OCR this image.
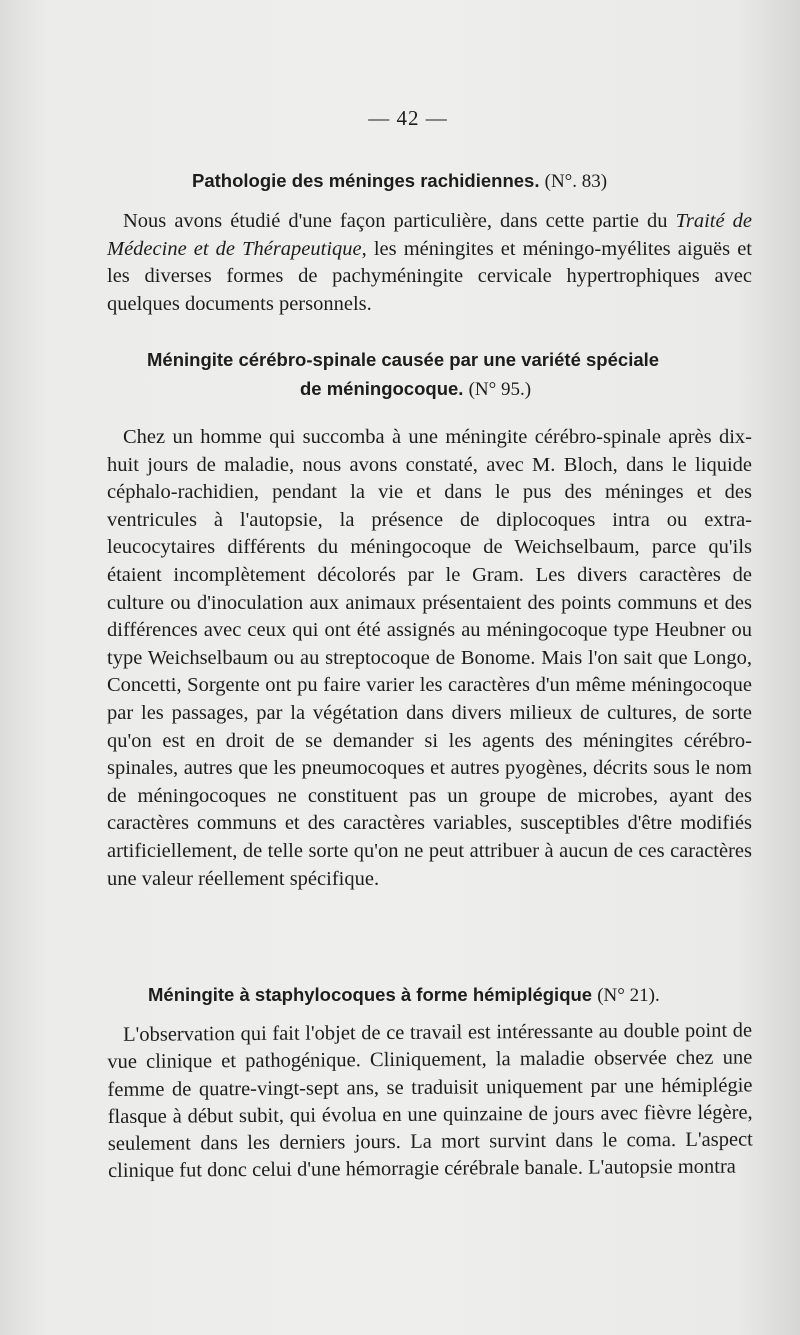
— 42 —
Pathologie des méninges rachidiennes. (N°. 83)

Nous avons étudié d'une façon particulière, dans cette partie du Traité de Médecine et de Thérapeutique, les méningites et méningo-myélites aiguës et les diverses formes de pachyméningite cervicale hypertrophiques avec quelques documents personnels.

Méningite cérébro-spinale causée par une variété spéciale
de méningocoque. (N° 95.)

Chez un homme qui succomba à une méningite cérébro-spinale après dix-huit jours de maladie, nous avons constaté, avec M. Bloch, dans le liquide céphalo-rachidien, pendant la vie et dans le pus des méninges et des ventricules à l'autopsie, la présence de diplocoques intra ou extra-leucocytaires différents du méningocoque de Weichselbaum, parce qu'ils étaient incomplètement décolorés par le Gram. Les divers caractères de culture ou d'inoculation aux animaux présentaient des points communs et des différences avec ceux qui ont été assignés au méningocoque type Heubner ou type Weichselbaum ou au streptocoque de Bonome. Mais l'on sait que Longo, Concetti, Sorgente ont pu faire varier les caractères d'un même méningocoque par les passages, par la végétation dans divers milieux de cultures, de sorte qu'on est en droit de se demander si les agents des méningites cérébro-spinales, autres que les pneumocoques et autres pyogènes, décrits sous le nom de méningocoques ne constituent pas un groupe de microbes, ayant des caractères communs et des caractères variables, susceptibles d'être modifiés artificiellement, de telle sorte qu'on ne peut attribuer à aucun de ces caractères une valeur réellement spécifique.

Méningite à staphylocoques à forme hémiplégique (N° 21).

L'observation qui fait l'objet de ce travail est intéressante au double point de vue clinique et pathogénique. Cliniquement, la maladie observée chez une femme de quatre-vingt-sept ans, se traduisit uniquement par une hémiplégie flasque à début subit, qui évolua en une quinzaine de jours avec fièvre légère, seulement dans les derniers jours. La mort survint dans le coma. L'aspect clinique fut donc celui d'une hémorragie cérébrale banale. L'autopsie montra
